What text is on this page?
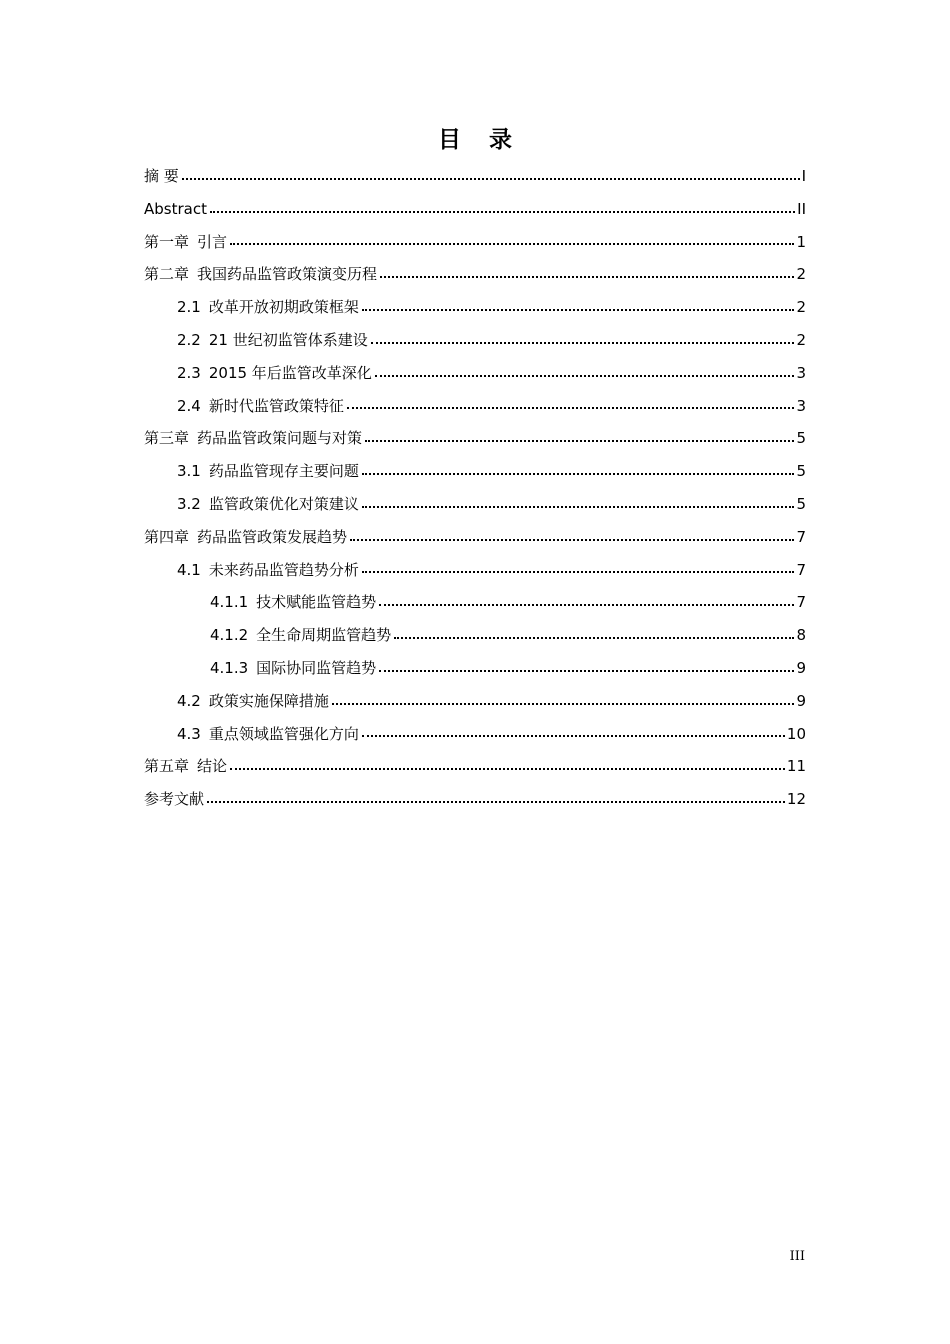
目 录
摘 要	I
Abstract	II
第一章 引言	1
第二章 我国药品监管政策演变历程	2
2.1 改革开放初期政策框架	2
2.2 21 世纪初监管体系建设	2
2.3 2015 年后监管改革深化	3
2.4 新时代监管政策特征	3
第三章 药品监管政策问题与对策	5
3.1 药品监管现存主要问题	5
3.2 监管政策优化对策建议	5
第四章 药品监管政策发展趋势	7
4.1 未来药品监管趋势分析	7
4.1.1 技术赋能监管趋势	7
4.1.2 全生命周期监管趋势	8
4.1.3 国际协同监管趋势	9
4.2 政策实施保障措施	9
4.3 重点领域监管强化方向	10
第五章 结论	11
参考文献	12
III
